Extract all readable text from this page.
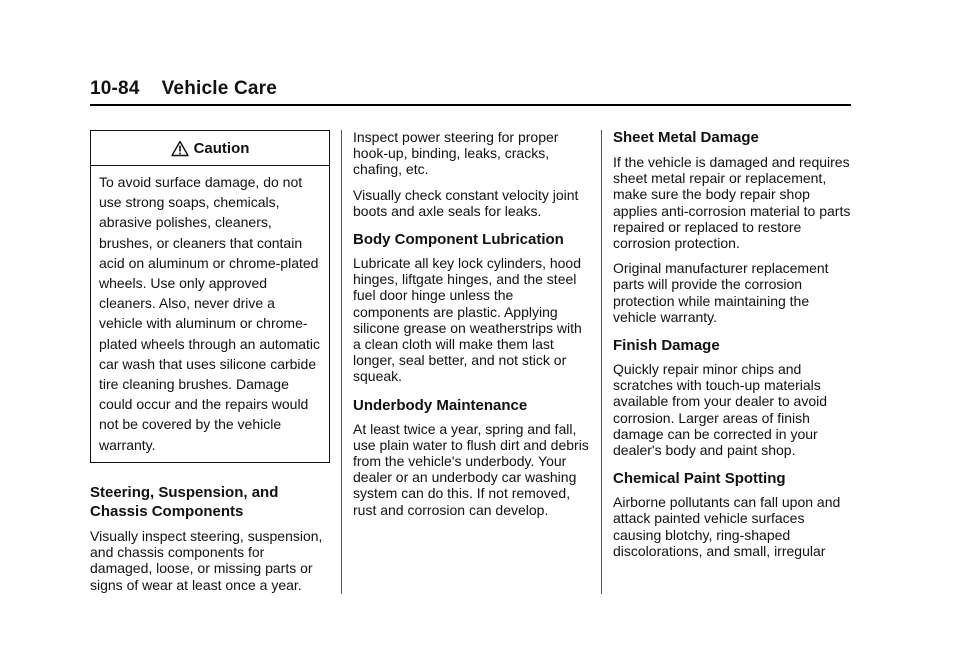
10-84 Vehicle Care
Caution
To avoid surface damage, do not use strong soaps, chemicals, abrasive polishes, cleaners, brushes, or cleaners that contain acid on aluminum or chrome-plated wheels. Use only approved cleaners. Also, never drive a vehicle with aluminum or chrome-plated wheels through an automatic car wash that uses silicone carbide tire cleaning brushes. Damage could occur and the repairs would not be covered by the vehicle warranty.
Steering, Suspension, and Chassis Components

Visually inspect steering, suspension, and chassis components for damaged, loose, or missing parts or signs of wear at least once a year.

Inspect power steering for proper hook-up, binding, leaks, cracks, chafing, etc.

Visually check constant velocity joint boots and axle seals for leaks.

Body Component Lubrication

Lubricate all key lock cylinders, hood hinges, liftgate hinges, and the steel fuel door hinge unless the components are plastic. Applying silicone grease on weatherstrips with a clean cloth will make them last longer, seal better, and not stick or squeak.

Underbody Maintenance

At least twice a year, spring and fall, use plain water to flush dirt and debris from the vehicle's underbody. Your dealer or an underbody car washing system can do this. If not removed, rust and corrosion can develop.

Sheet Metal Damage

If the vehicle is damaged and requires sheet metal repair or replacement, make sure the body repair shop applies anti-corrosion material to parts repaired or replaced to restore corrosion protection.

Original manufacturer replacement parts will provide the corrosion protection while maintaining the vehicle warranty.

Finish Damage

Quickly repair minor chips and scratches with touch-up materials available from your dealer to avoid corrosion. Larger areas of finish damage can be corrected in your dealer's body and paint shop.

Chemical Paint Spotting

Airborne pollutants can fall upon and attack painted vehicle surfaces causing blotchy, ring-shaped discolorations, and small, irregular
